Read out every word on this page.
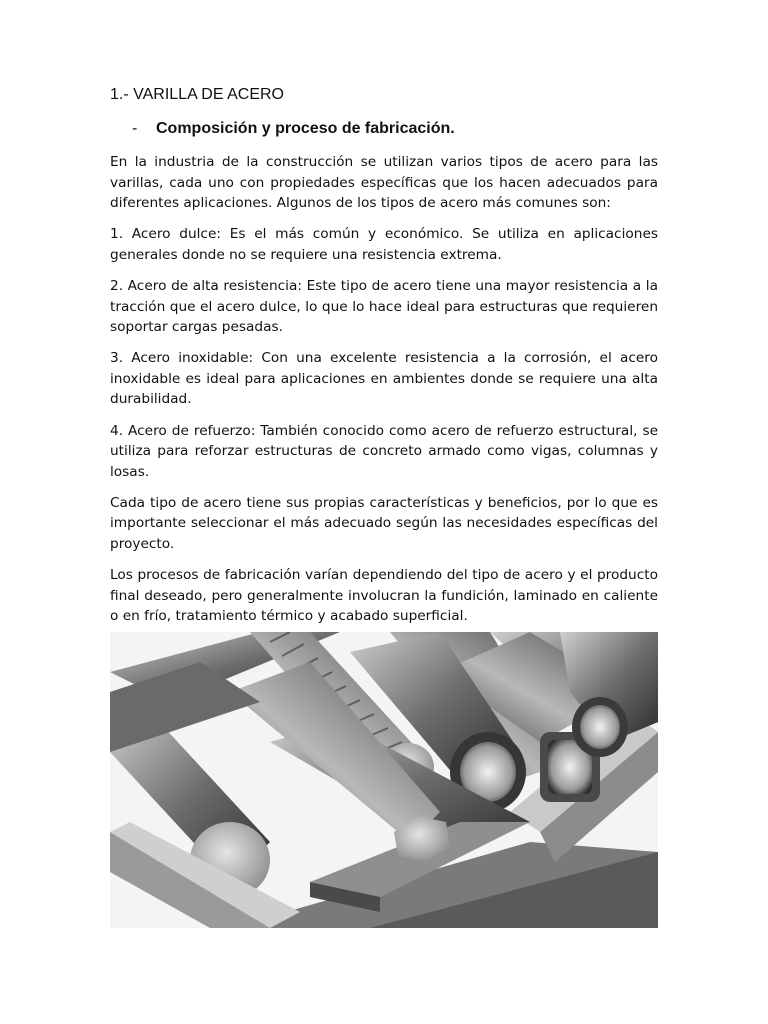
1.- VARILLA DE ACERO
- Composición y proceso de fabricación.

En la industria de la construcción se utilizan varios tipos de acero para las varillas, cada uno con propiedades específicas que los hacen adecuados para diferentes aplicaciones. Algunos de los tipos de acero más comunes son:

1. Acero dulce: Es el más común y económico. Se utiliza en aplicaciones generales donde no se requiere una resistencia extrema.

2. Acero de alta resistencia: Este tipo de acero tiene una mayor resistencia a la tracción que el acero dulce, lo que lo hace ideal para estructuras que requieren soportar cargas pesadas.

3. Acero inoxidable: Con una excelente resistencia a la corrosión, el acero inoxidable es ideal para aplicaciones en ambientes donde se requiere una alta durabilidad.

4. Acero de refuerzo: También conocido como acero de refuerzo estructural, se utiliza para reforzar estructuras de concreto armado como vigas, columnas y losas.

Cada tipo de acero tiene sus propias características y beneficios, por lo que es importante seleccionar el más adecuado según las necesidades específicas del proyecto.

Los procesos de fabricación varían dependiendo del tipo de acero y el producto final deseado, pero generalmente involucran la fundición, laminado en caliente o en frío, tratamiento térmico y acabado superficial.
